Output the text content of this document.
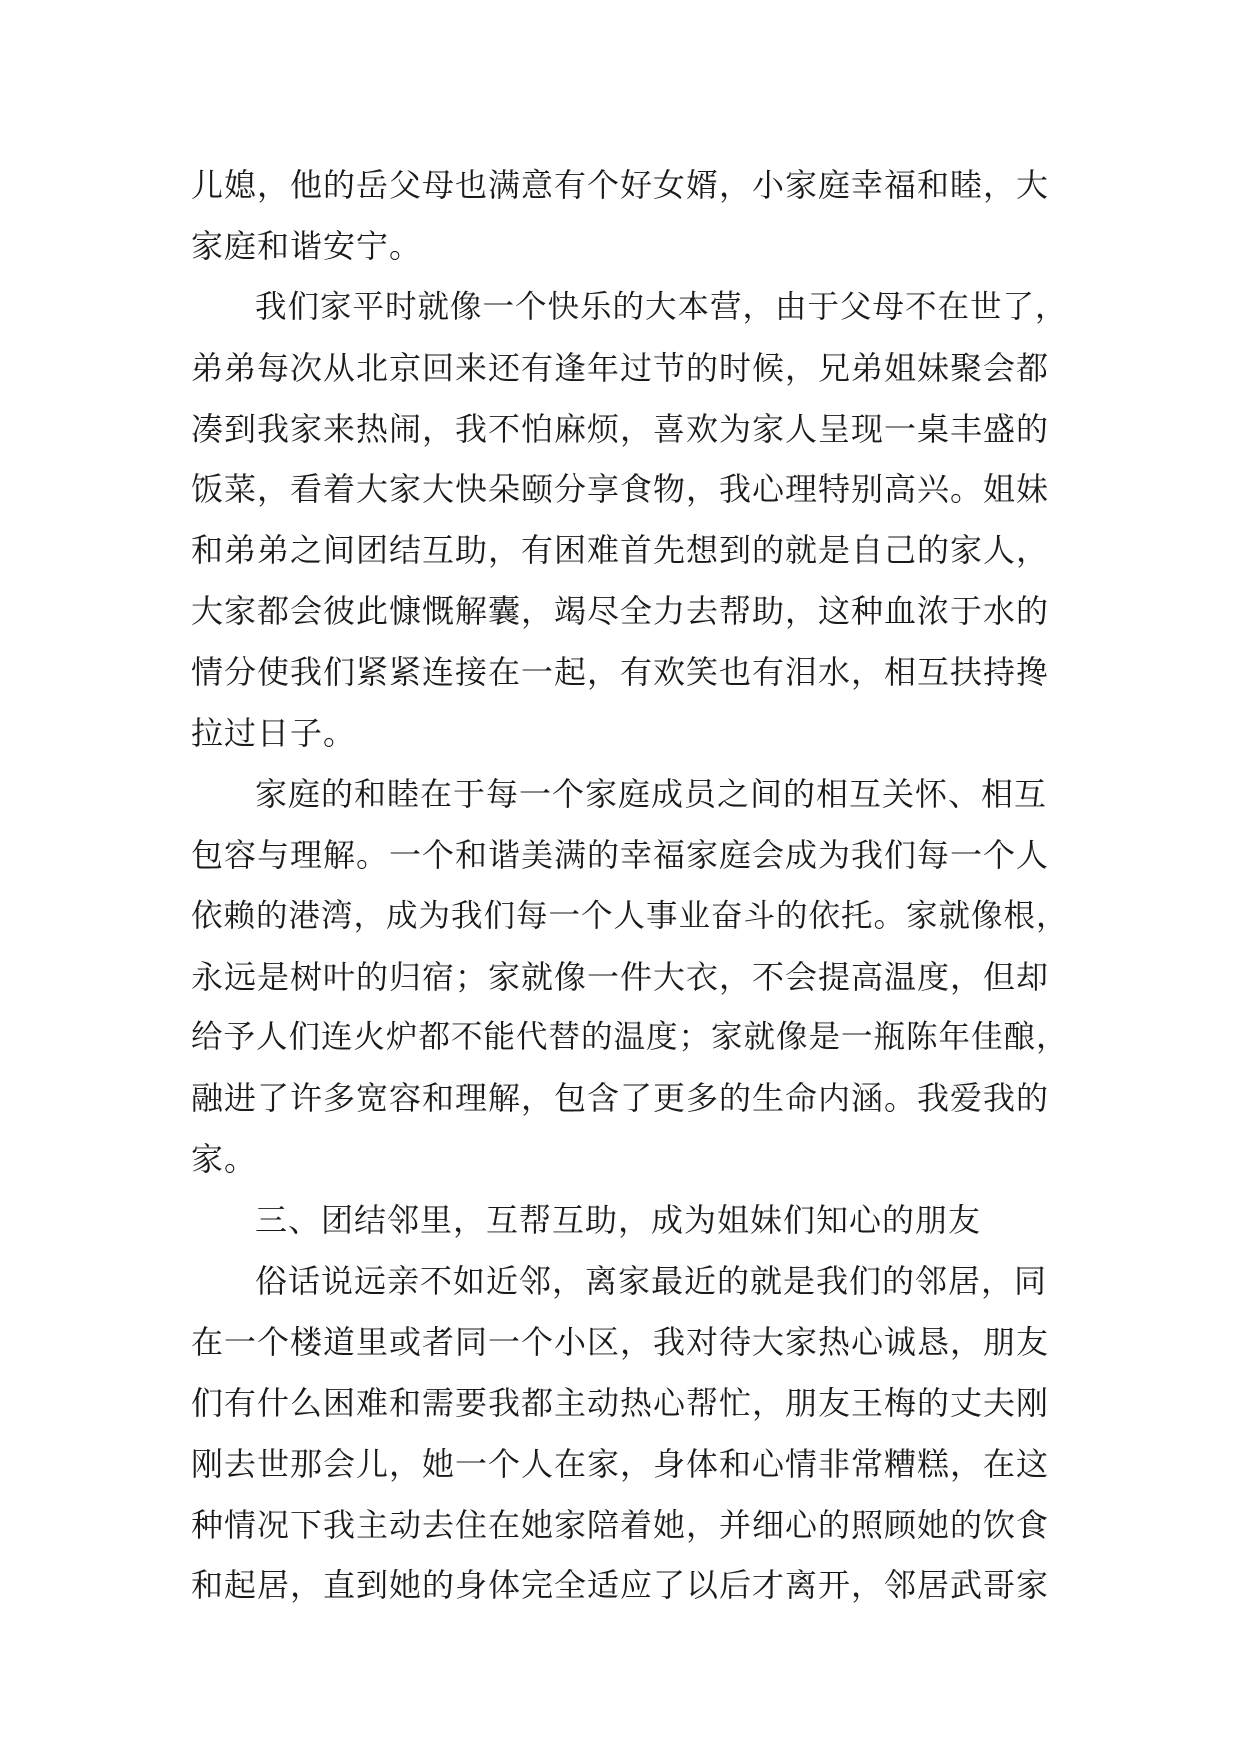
儿媳，他的岳父母也满意有个好女婿，小家庭幸福和睦，大
家庭和谐安宁。
我们家平时就像一个快乐的大本营，由于父母不在世了，
弟弟每次从北京回来还有逢年过节的时候，兄弟姐妹聚会都
凑到我家来热闹，我不怕麻烦，喜欢为家人呈现一桌丰盛的
饭菜，看着大家大快朵颐分享食物，我心理特别高兴。姐妹
和弟弟之间团结互助，有困难首先想到的就是自己的家人，
大家都会彼此慷慨解囊，竭尽全力去帮助，这种血浓于水的
情分使我们紧紧连接在一起，有欢笑也有泪水，相互扶持搀
拉过日子。
家庭的和睦在于每一个家庭成员之间的相互关怀、相互
包容与理解。一个和谐美满的幸福家庭会成为我们每一个人
依赖的港湾，成为我们每一个人事业奋斗的依托。家就像根，
永远是树叶的归宿；家就像一件大衣，不会提高温度，但却
给予人们连火炉都不能代替的温度；家就像是一瓶陈年佳酿，
融进了许多宽容和理解，包含了更多的生命内涵。我爱我的
家。
三、团结邻里，互帮互助，成为姐妹们知心的朋友
俗话说远亲不如近邻，离家最近的就是我们的邻居，同
在一个楼道里或者同一个小区，我对待大家热心诚恳，朋友
们有什么困难和需要我都主动热心帮忙，朋友王梅的丈夫刚
刚去世那会儿，她一个人在家，身体和心情非常糟糕，在这
种情况下我主动去住在她家陪着她，并细心的照顾她的饮食
和起居，直到她的身体完全适应了以后才离开，邻居武哥家
